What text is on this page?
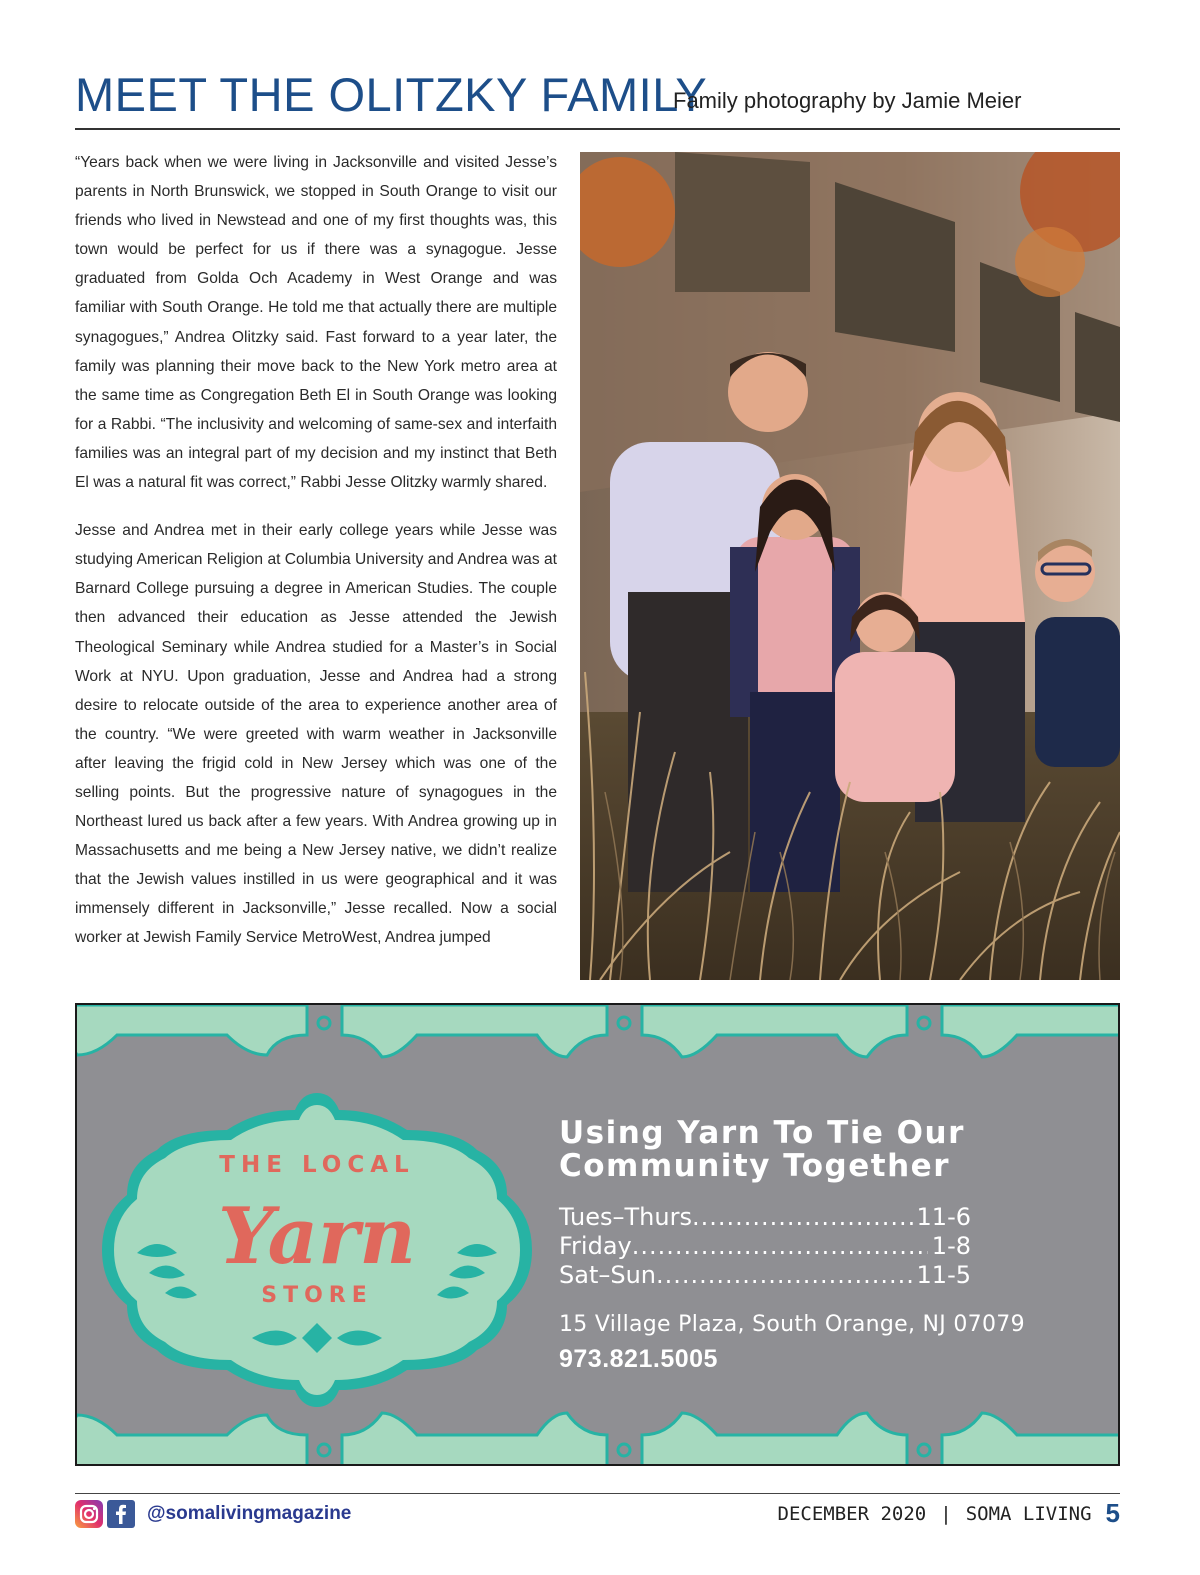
MEET THE OLITZKY FAMILY
Family photography by Jamie Meier

“Years back when we were living in Jacksonville and visited Jesse’s parents in North Brunswick, we stopped in South Orange to visit our friends who lived in Newstead and one of my first thoughts was, this town would be perfect for us if there was a synagogue. Jesse graduated from Golda Och Academy in West Orange and was familiar with South Orange. He told me that actually there are multiple synagogues,” Andrea Olitzky said. Fast forward to a year later, the family was planning their move back to the New York metro area at the same time as Congregation Beth El in South Orange was looking for a Rabbi. “The inclusivity and welcoming of same-sex and interfaith families was an integral part of my decision and my instinct that Beth El was a natural fit was correct,” Rabbi Jesse Olitzky warmly shared.

Jesse and Andrea met in their early college years while Jesse was studying American Religion at Columbia University and Andrea was at Barnard College pursuing a degree in American Studies. The couple then advanced their education as Jesse attended the Jewish Theological Seminary while Andrea studied for a Master’s in Social Work at NYU. Upon graduation, Jesse and Andrea had a strong desire to relocate outside of the area to experience another area of the country. “We were greeted with warm weather in Jacksonville after leaving the frigid cold in New Jersey which was one of the selling points. But the progressive nature of synagogues in the Northeast lured us back after a few years. With Andrea growing up in Massachusetts and me being a New Jersey native, we didn’t realize that the Jewish values instilled in us were geographical and it was immensely different in Jacksonville,” Jesse recalled. Now a social worker at Jewish Family Service MetroWest, Andrea jumped

THE LOCAL
Yarn
STORE
Using Yarn To Tie Our
Community Together
Tues–Thurs .....	11-6
Friday .....	1-8
Sat–Sun .....	11-5
15 Village Plaza, South Orange, NJ 07079
973.821.5005
@somalivingmagazine	DECEMBER 2020 | SOMA LIVING 5
